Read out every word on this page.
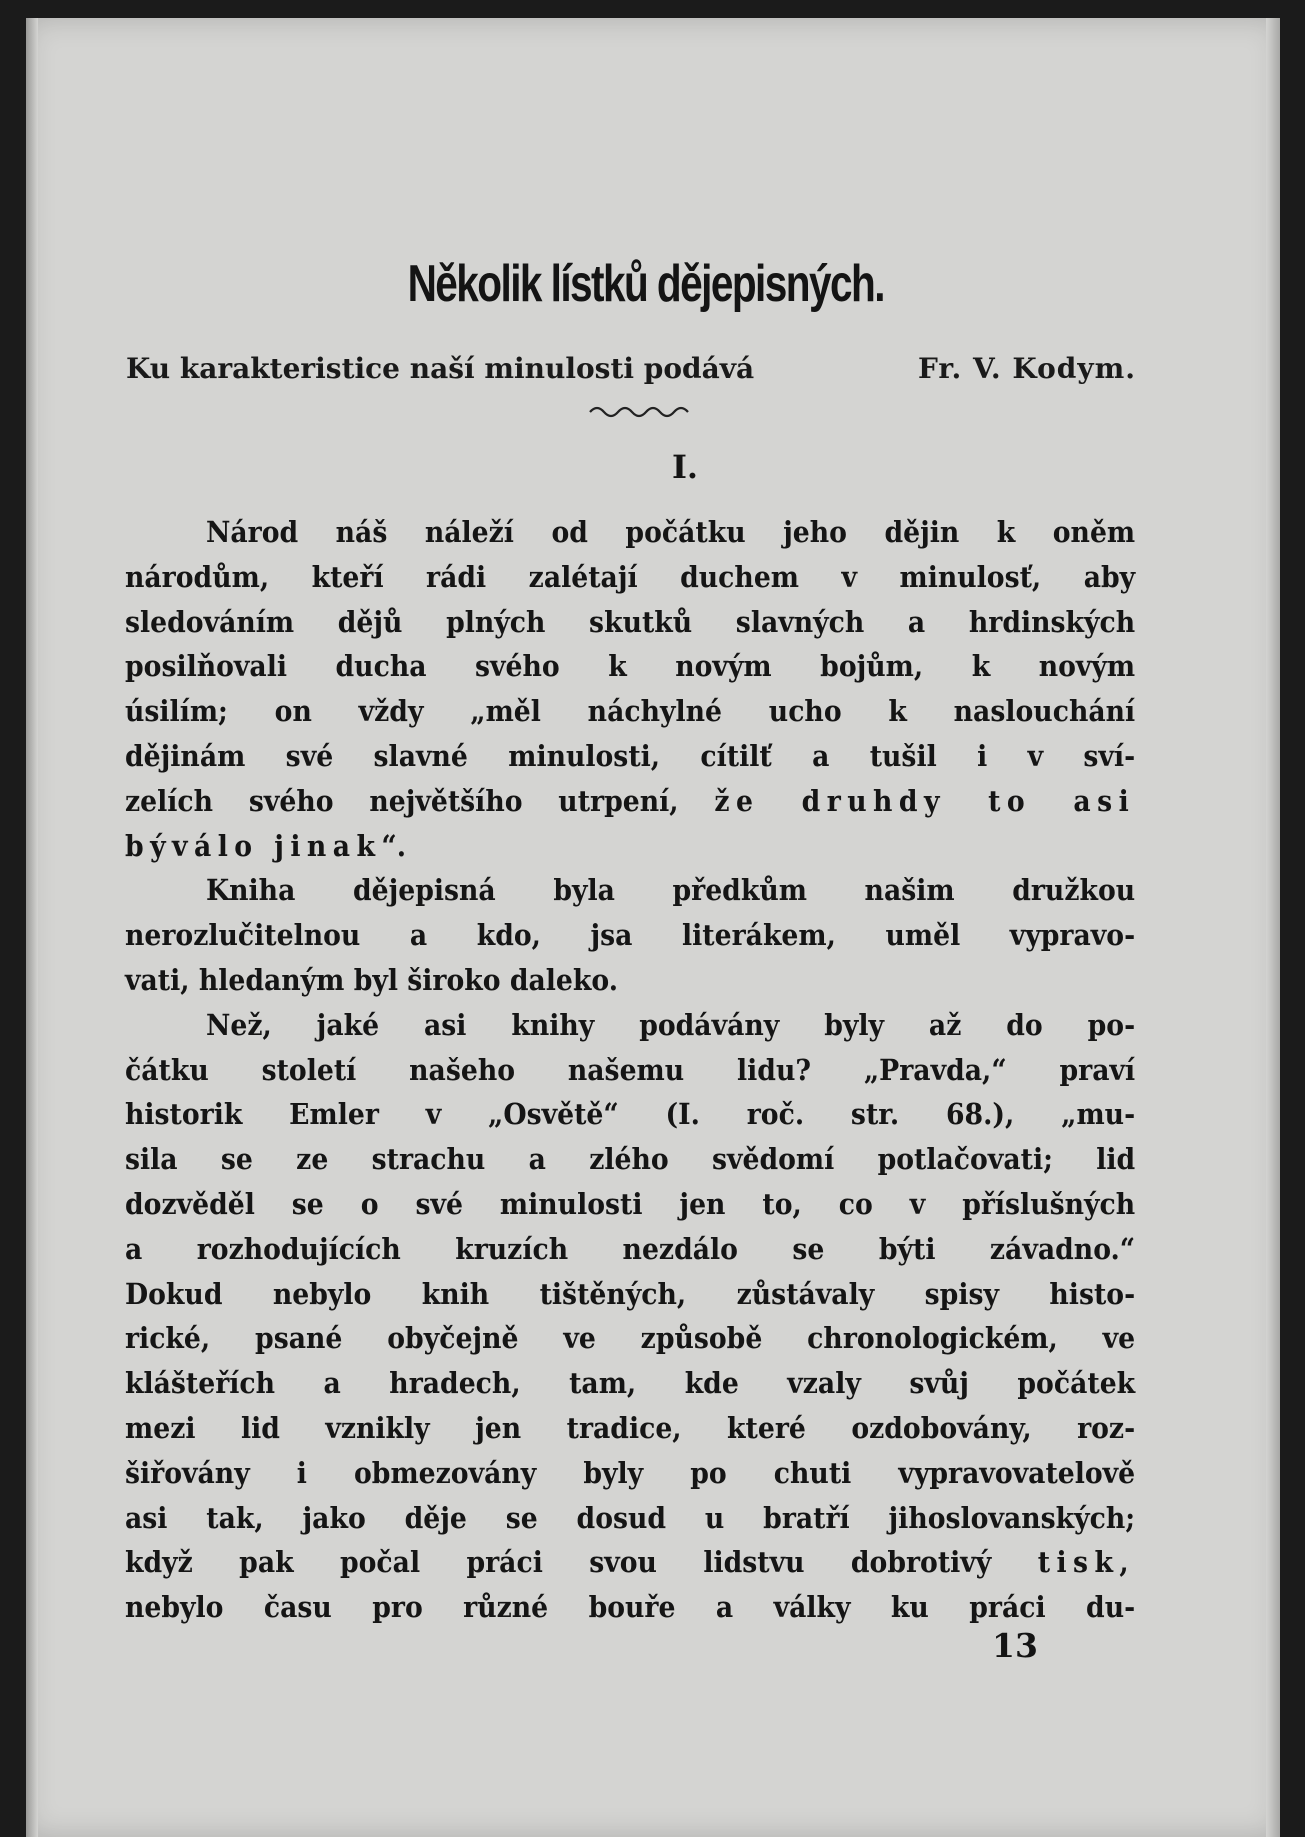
Několik lístků dějepisných.
Ku karakteristice naší minulosti podává	Fr. V. Kodym.
I.
Národ náš náleží od počátku jeho dějin k oněm
národům, kteří rádi zalétají duchem v minulosť, aby
sledováním dějů plných skutků slavných a hrdinských
posilňovali ducha svého k novým bojům, k novým
úsilím; on vždy „měl náchylné ucho k naslouchání
dějinám své slavné minulosti, cítilť a tušil i v sví-
zelích svého největšího utrpení, že druhdy to asi
býválo jinak“.
Kniha dějepisná byla předkům našim družkou
nerozlučitelnou a kdo, jsa literákem, uměl vypravo-
vati, hledaným byl široko daleko.
Než, jaké asi knihy podávány byly až do po-
čátku století našeho našemu lidu? „Pravda,“ praví
historik Emler v „Osvětě“ (I. roč. str. 68.), „mu-
sila se ze strachu a zlého svědomí potlačovati; lid
dozvěděl se o své minulosti jen to, co v příslušných
a rozhodujících kruzích nezdálo se býti závadno.“
Dokud nebylo knih tištěných, zůstávaly spisy histo-
rické, psané obyčejně ve způsobě chronologickém, ve
klášteřích a hradech, tam, kde vzaly svůj počátek
mezi lid vznikly jen tradice, které ozdobovány, roz-
šiřovány i obmezovány byly po chuti vypravovatelově
asi tak, jako děje se dosud u bratří jihoslovanských;
když pak počal práci svou lidstvu dobrotivý tisk,
nebylo času pro různé bouře a války ku práci du-
13
